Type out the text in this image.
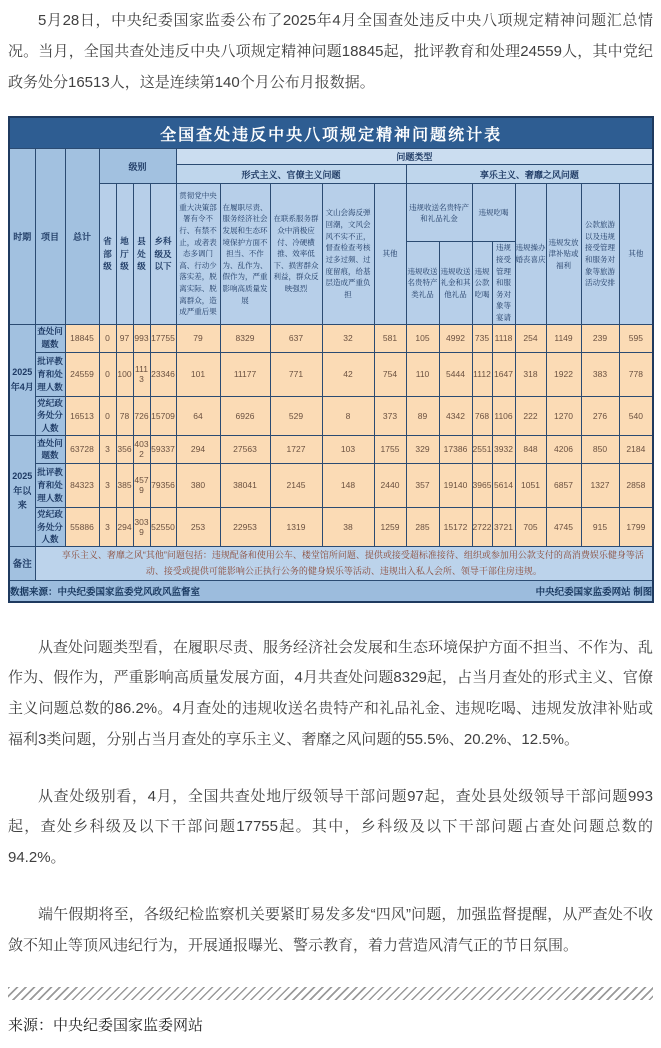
5月28日，中央纪委国家监委公布了2025年4月全国查处违反中央八项规定精神问题汇总情况。当月，全国共查处违反中央八项规定精神问题18845起，批评教育和处理24559人，其中党纪政务处分16513人，这是连续第140个月公布月报数据。

全国查处违反中央八项规定精神问题统计表																			
时期	项目	总计	级别				问题类型												
							形式主义、官僚主义问题					享乐主义、奢靡之风问题							
			省部级	地厅级	县处级	乡科级及以下	贯彻党中央重大决策部署有令不行、有禁不止，或者表态多调门高、行动少落实差，脱离实际、脱离群众，造成严重后果	在履职尽责、服务经济社会发展和生态环境保护方面不担当、不作为、乱作为、假作为，严重影响高质量发展	在联系服务群众中消极应付、冷硬横推、效率低下、损害群众利益，群众反映强烈	文山会海反弹回潮，文风会风不实不正，督查检查考核过多过频、过度留痕，给基层造成严重负担	其他	违规收送名贵特产和礼品礼金		违规吃喝		违规操办婚丧喜庆	违规发放津补贴或福利	公款旅游以及违规接受管理和服务对象等旅游活动安排	其他
												违规收送名贵特产类礼品	违规收送礼金和其他礼品	违规公款吃喝	违规接受管理和服务对象等宴请				
2025年4月	查处问题数	18845	0	97	993	17755	79	8329	637	32	581	105	4992	735	1118	254	1149	239	595
	批评教育和处理人数	24559	0	100	1113	23346	101	11177	771	42	754	110	5444	1112	1647	318	1922	383	778
	党纪政务处分人数	16513	0	78	726	15709	64	6926	529	8	373	89	4342	768	1106	222	1270	276	540
2025年以来	查处问题数	63728	3	356	4032	59337	294	27563	1727	103	1755	329	17386	2551	3932	848	4206	850	2184
	批评教育和处理人数	84323	3	385	4579	79356	380	38041	2145	148	2440	357	19140	3965	5614	1051	6857	1327	2858
	党纪政务处分人数	55886	3	294	3039	52550	253	22953	1319	38	1259	285	15172	2722	3721	705	4745	915	1799
备注	享乐主义、奢靡之风“其他”问题包括：违规配备和使用公车、楼堂馆所问题、提供或接受超标准接待、组织或参加用公款支付的高消费娱乐健身等活动、接受或提供可能影响公正执行公务的健身娱乐等活动、违规出入私人会所、领导干部住房违规。																		

数据来源：中央纪委国家监委党风政风监督室 中央纪委国家监委网站 制图																			

从查处问题类型看，在履职尽责、服务经济社会发展和生态环境保护方面不担当、不作为、乱作为、假作为，严重影响高质量发展方面，4月共查处问题8329起，占当月查处的形式主义、官僚主义问题总数的86.2%。4月查处的违规收送名贵特产和礼品礼金、违规吃喝、违规发放津补贴或福利3类问题，分别占当月查处的享乐主义、奢靡之风问题的55.5%、20.2%、12.5%。

从查处级别看，4月，全国共查处地厅级领导干部问题97起，查处县处级领导干部问题993起，查处乡科级及以下干部问题17755起。其中，乡科级及以下干部问题占查处问题总数的94.2%。

端午假期将至，各级纪检监察机关要紧盯易发多发“四风”问题，加强监督提醒，从严查处不收敛不知止等顶风违纪行为，开展通报曝光、警示教育，着力营造风清气正的节日氛围。

来源：中央纪委国家监委网站
